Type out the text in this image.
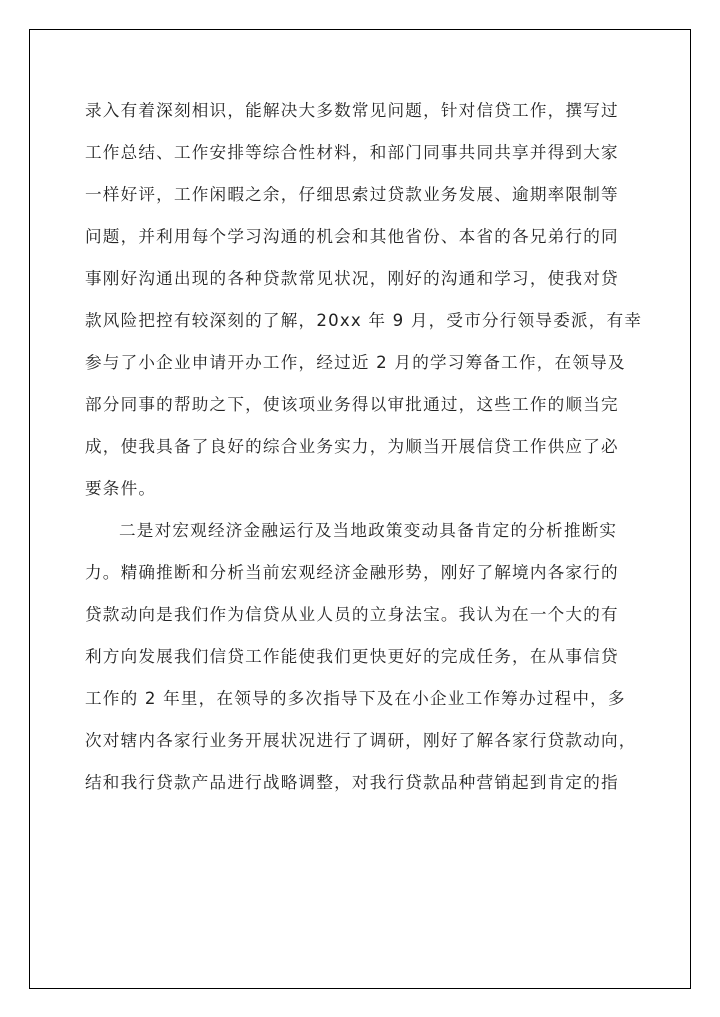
录入有着深刻相识，能解决大多数常见问题，针对信贷工作，撰写过
工作总结、工作安排等综合性材料，和部门同事共同共享并得到大家
一样好评，工作闲暇之余，仔细思索过贷款业务发展、逾期率限制等
问题，并利用每个学习沟通的机会和其他省份、本省的各兄弟行的同
事刚好沟通出现的各种贷款常见状况，刚好的沟通和学习，使我对贷
款风险把控有较深刻的了解，20xx 年 9 月，受市分行领导委派，有幸
参与了小企业申请开办工作，经过近 2 月的学习筹备工作，在领导及
部分同事的帮助之下，使该项业务得以审批通过，这些工作的顺当完
成，使我具备了良好的综合业务实力，为顺当开展信贷工作供应了必
要条件。
二是对宏观经济金融运行及当地政策变动具备肯定的分析推断实
力。精确推断和分析当前宏观经济金融形势，刚好了解境内各家行的
贷款动向是我们作为信贷从业人员的立身法宝。我认为在一个大的有
利方向发展我们信贷工作能使我们更快更好的完成任务，在从事信贷
工作的 2 年里，在领导的多次指导下及在小企业工作筹办过程中，多
次对辖内各家行业务开展状况进行了调研，刚好了解各家行贷款动向，
结和我行贷款产品进行战略调整，对我行贷款品种营销起到肯定的指
